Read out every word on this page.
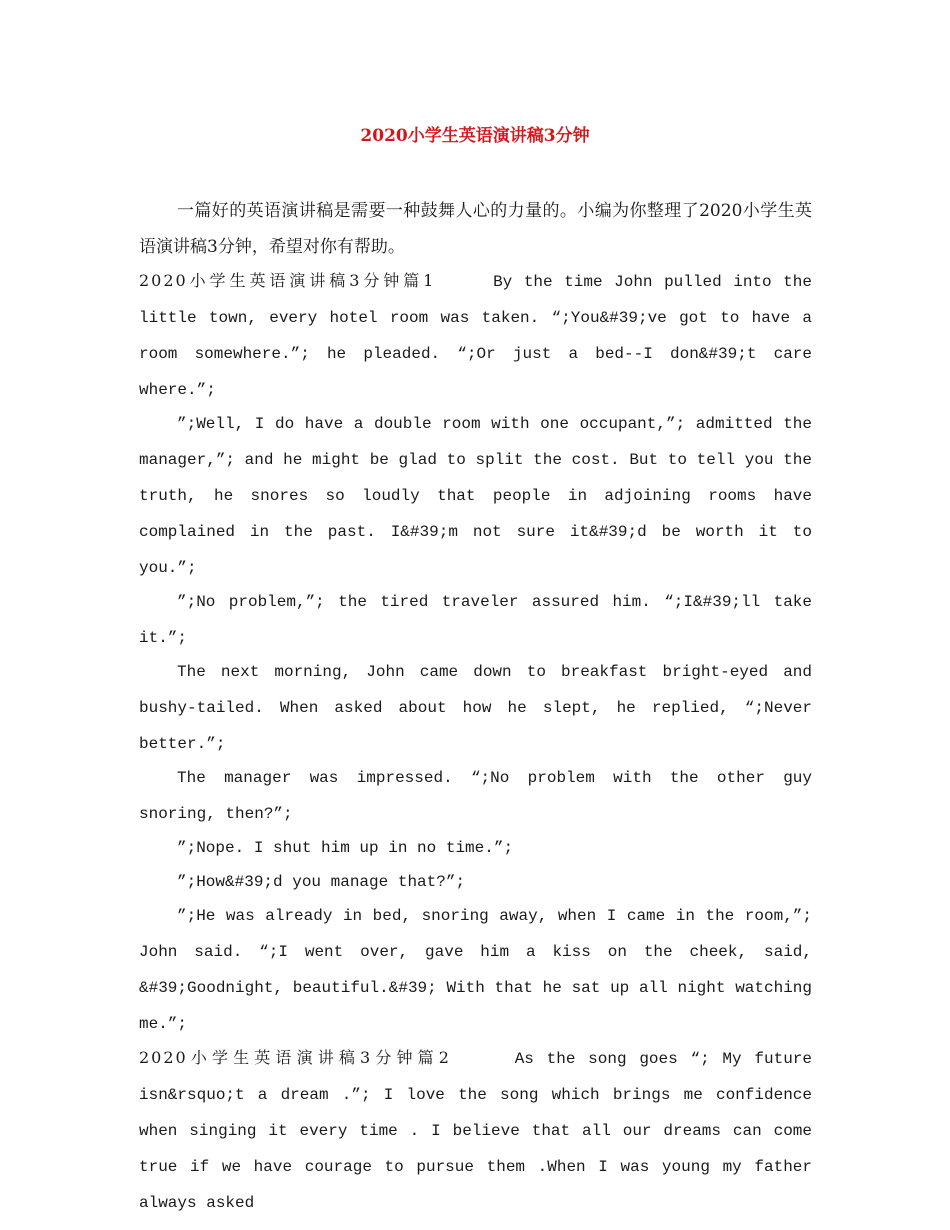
2020小学生英语演讲稿3分钟

一篇好的英语演讲稿是需要一种鼓舞人心的力量的。小编为你整理了2020小学生英语演讲稿3分钟，希望对你有帮助。

2020小学生英语演讲稿3分钟篇1	By the time John pulled into the little town, every hotel room was taken. “;You&#39;ve got to have a room somewhere.”; he pleaded. “;Or just a bed--I don&#39;t care where.”;

”;Well, I do have a double room with one occupant,”; admitted the manager,”; and he might be glad to split the cost. But to tell you the truth, he snores so loudly that people in adjoining rooms have complained in the past. I&#39;m not sure it&#39;d be worth it to you.”;

”;No problem,”; the tired traveler assured him. “;I&#39;ll take it.”;

The next morning, John came down to breakfast bright-eyed and bushy-tailed. When asked about how he slept, he replied, “;Never better.”;

The manager was impressed. “;No problem with the other guy snoring, then?”;

”;Nope. I shut him up in no time.”;

”;How&#39;d you manage that?”;

”;He was already in bed, snoring away, when I came in the room,”; John said. “;I went over, gave him a kiss on the cheek, said, &#39;Goodnight, beautiful.&#39; With that he sat up all night watching me.”;

2020小学生英语演讲稿3分钟篇2	As the song goes “; My future isn&rsquo;t a dream .”; I love the song which brings me confidence when singing it every time . I believe that all our dreams can come true if we have courage to pursue them .When I was young my father always asked
